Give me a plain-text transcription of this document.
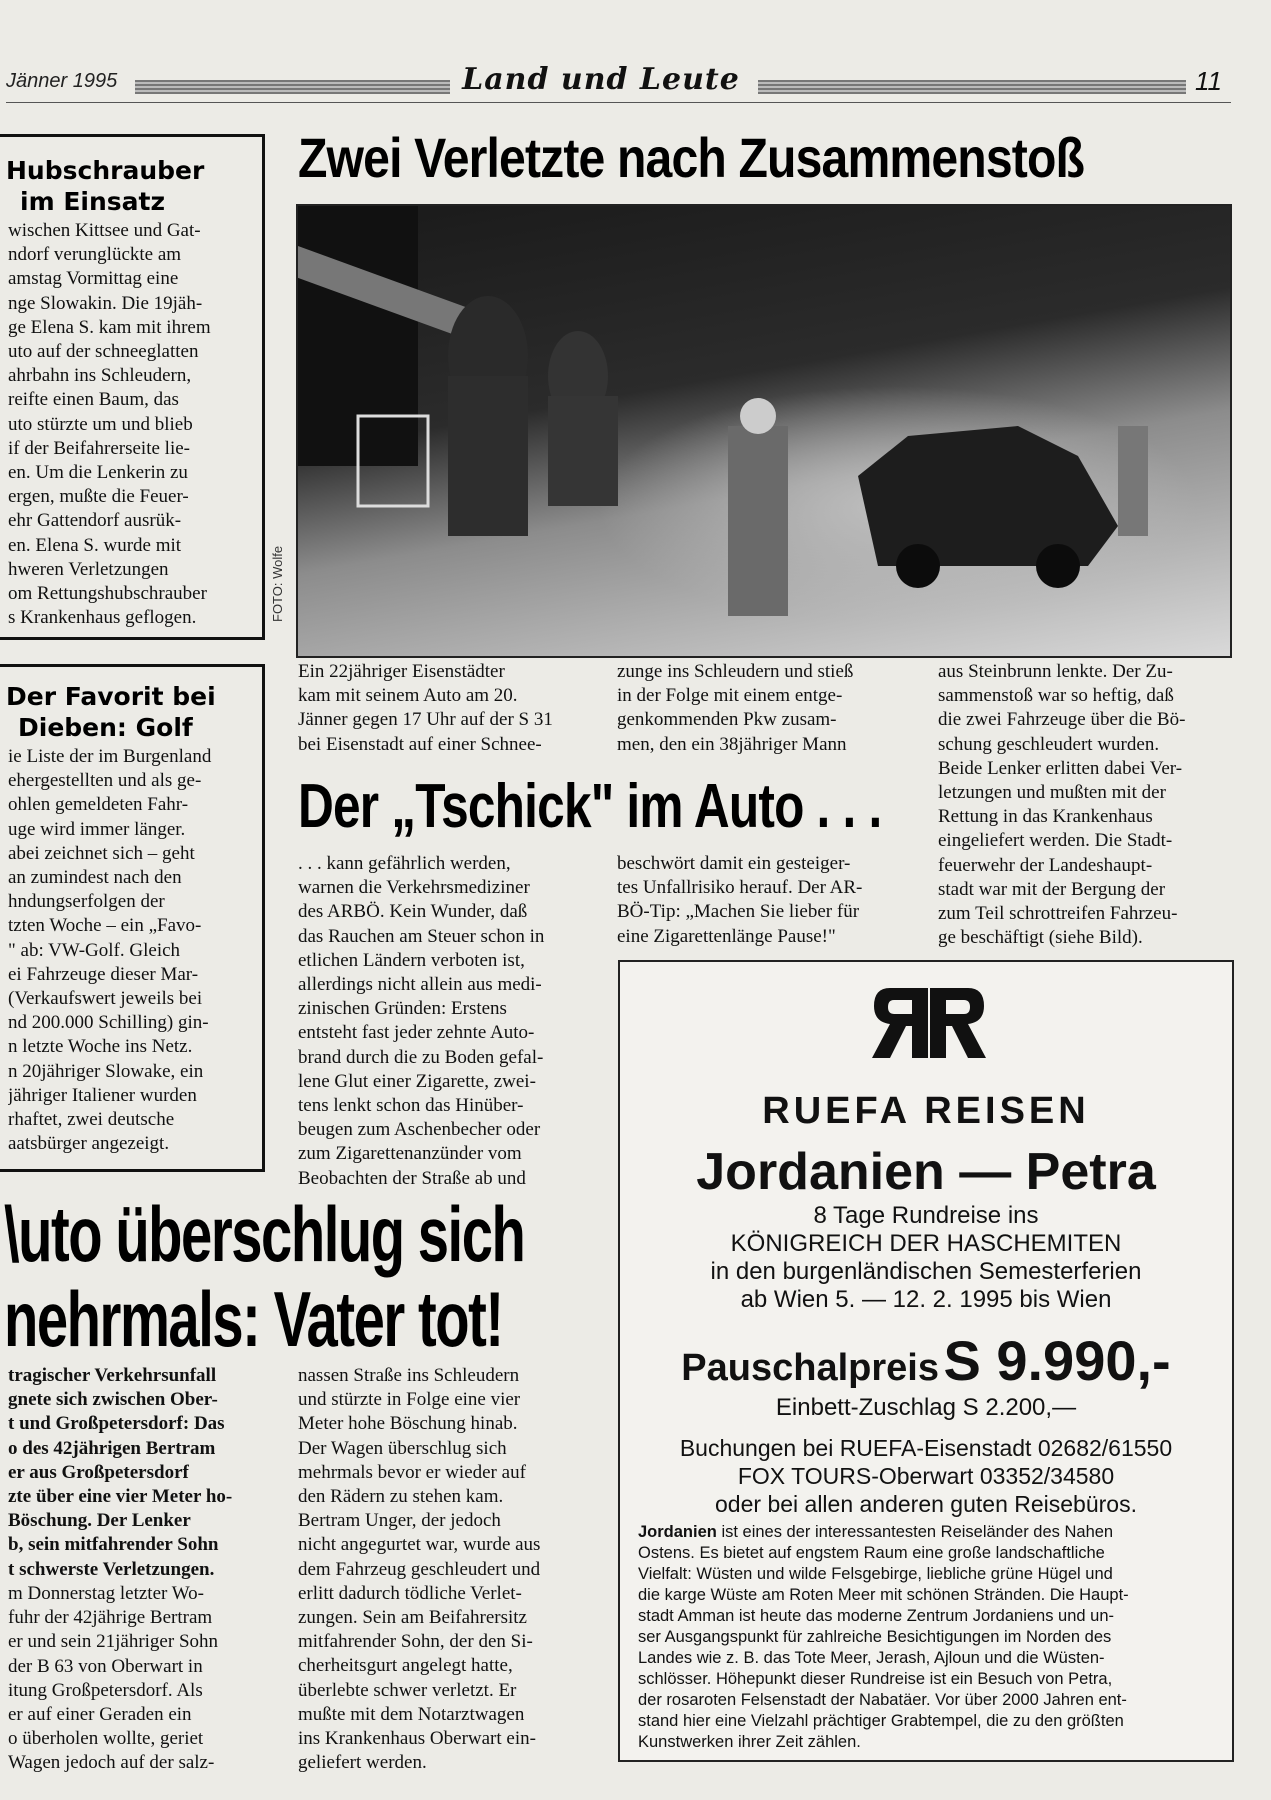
Jänner 1995	Land und Leute	11
Hubschrauber
im Einsatz
wischen Kittsee und Gat-
ndorf verunglückte am
amstag Vormittag eine
nge Slowakin. Die 19jäh-
ge Elena S. kam mit ihrem
uto auf der schneeglatten
ahrbahn ins Schleudern,
reifte einen Baum, das
uto stürzte um und blieb
if der Beifahrerseite lie-
en. Um die Lenkerin zu
ergen, mußte die Feuer-
ehr Gattendorf ausrük-
en. Elena S. wurde mit
hweren Verletzungen
om Rettungshubschrauber
s Krankenhaus geflogen.
Der Favorit bei
Dieben: Golf
ie Liste der im Burgenland
ehergestellten und als ge-
ohlen gemeldeten Fahr-
uge wird immer länger.
abei zeichnet sich – geht
an zumindest nach den
hndungserfolgen der
tzten Woche – ein „Favo-
" ab: VW-Golf. Gleich
ei Fahrzeuge dieser Mar-
(Verkaufswert jeweils bei
nd 200.000 Schilling) gin-
n letzte Woche ins Netz.
n 20jähriger Slowake, ein
jähriger Italiener wurden
rhaftet, zwei deutsche
aatsbürger angezeigt.
Zwei Verletzte nach Zusammenstoß
FOTO: Wolfe
Ein 22jähriger Eisenstädter
kam mit seinem Auto am 20.
Jänner gegen 17 Uhr auf der S 31
bei Eisenstadt auf einer Schnee-
zunge ins Schleudern und stieß
in der Folge mit einem entge-
genkommenden Pkw zusam-
men, den ein 38jähriger Mann
aus Steinbrunn lenkte. Der Zu-
sammenstoß war so heftig, daß
die zwei Fahrzeuge über die Bö-
schung geschleudert wurden.
Beide Lenker erlitten dabei Ver-
letzungen und mußten mit der
Rettung in das Krankenhaus
eingeliefert werden. Die Stadt-
feuerwehr der Landeshaupt-
stadt war mit der Bergung der
zum Teil schrottreifen Fahrzeu-
ge beschäftigt (siehe Bild).
Der „Tschick" im Auto . . .
. . . kann gefährlich werden,
warnen die Verkehrsmediziner
des ARBÖ. Kein Wunder, daß
das Rauchen am Steuer schon in
etlichen Ländern verboten ist,
allerdings nicht allein aus medi-
zinischen Gründen: Erstens
entsteht fast jeder zehnte Auto-
brand durch die zu Boden gefal-
lene Glut einer Zigarette, zwei-
tens lenkt schon das Hinüber-
beugen zum Aschenbecher oder
zum Zigarettenanzünder vom
Beobachten der Straße ab und
beschwört damit ein gesteiger-
tes Unfallrisiko herauf. Der AR-
BÖ-Tip: „Machen Sie lieber für
eine Zigarettenlänge Pause!"
\uto überschlug sich
nehrmals: Vater tot!
tragischer Verkehrsunfall
gnete sich zwischen Ober-
t und Großpetersdorf: Das
o des 42jährigen Bertram
er aus Großpetersdorf
zte über eine vier Meter ho-
Böschung. Der Lenker
b, sein mitfahrender Sohn
t schwerste Verletzungen.
m Donnerstag letzter Wo-
fuhr der 42jährige Bertram
er und sein 21jähriger Sohn
der B 63 von Oberwart in
itung Großpetersdorf. Als
er auf einer Geraden ein
o überholen wollte, geriet
Wagen jedoch auf der salz-
nassen Straße ins Schleudern
und stürzte in Folge eine vier
Meter hohe Böschung hinab.
Der Wagen überschlug sich
mehrmals bevor er wieder auf
den Rädern zu stehen kam.
Bertram Unger, der jedoch
nicht angegurtet war, wurde aus
dem Fahrzeug geschleudert und
erlitt dadurch tödliche Verlet-
zungen. Sein am Beifahrersitz
mitfahrender Sohn, der den Si-
cherheitsgurt angelegt hatte,
überlebte schwer verletzt. Er
mußte mit dem Notarztwagen
ins Krankenhaus Oberwart ein-
geliefert werden.
RUEFA REISEN
Jordanien — Petra
8 Tage Rundreise ins
KÖNIGREICH DER HASCHEMITEN
in den burgenländischen Semesterferien
ab Wien 5. — 12. 2. 1995 bis Wien
Pauschalpreis S 9.990,-
Einbett-Zuschlag S 2.200,—
Buchungen bei RUEFA-Eisenstadt 02682/61550
FOX TOURS-Oberwart 03352/34580
oder bei allen anderen guten Reisebüros.
Jordanien ist eines der interessantesten Reiseländer des Nahen
Ostens. Es bietet auf engstem Raum eine große landschaftliche
Vielfalt: Wüsten und wilde Felsgebirge, liebliche grüne Hügel und
die karge Wüste am Roten Meer mit schönen Stränden. Die Haupt-
stadt Amman ist heute das moderne Zentrum Jordaniens und un-
ser Ausgangspunkt für zahlreiche Besichtigungen im Norden des
Landes wie z. B. das Tote Meer, Jerash, Ajloun und die Wüsten-
schlösser. Höhepunkt dieser Rundreise ist ein Besuch von Petra,
der rosaroten Felsenstadt der Nabatäer. Vor über 2000 Jahren ent-
stand hier eine Vielzahl prächtiger Grabtempel, die zu den größten
Kunstwerken ihrer Zeit zählen.
